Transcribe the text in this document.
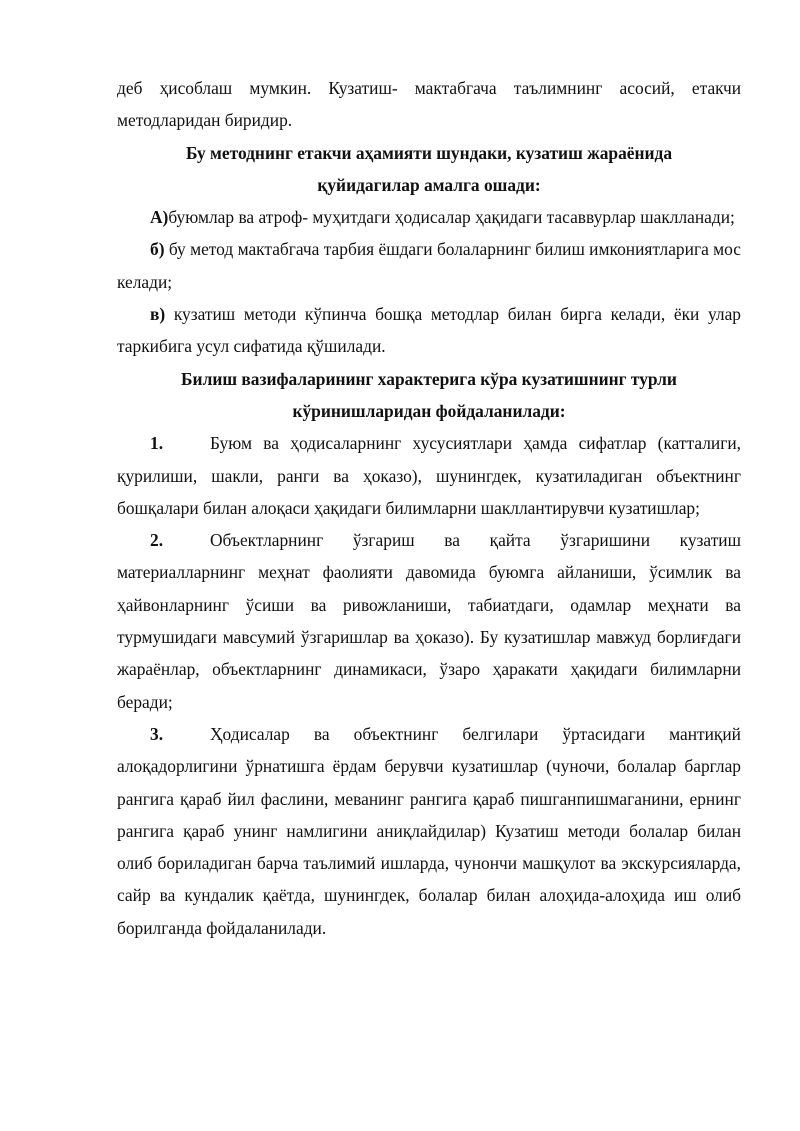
деб ҳисоблаш мумкин. Кузатиш- мактабгача таълимнинг асосий, етакчи методларидан биридир.

Бу методнинг етакчи аҳамияти шундаки, кузатиш жараёнида
қуйидагилар амалга ошади:

А)буюмлар ва атроф- муҳитдаги ҳодисалар ҳақидаги тасаввурлар шаклланади;

б) бу метод мактабгача тарбия ёшдаги болаларнинг билиш имкониятларига мос келади;

в) кузатиш методи кўпинча бошқа методлар билан бирга келади, ёки улар таркибига усул сифатида қўшилади.

Билиш вазифаларининг характерига кўра кузатишнинг турли
кўринишларидан фойдаланилади:

1.	Буюм ва ҳодисаларнинг хусусиятлари ҳамда сифатлар (катталиги, қурилиши, шакли, ранги ва ҳоказо), шунингдек, кузатиладиган объектнинг бошқалари билан алоқаси ҳақидаги билимларни шакллантирувчи кузатишлар;

2.	Объектларнинг ўзгариш ва қайта ўзгаришини кузатиш материалларнинг меҳнат фаолияти давомида буюмга айланиши, ўсимлик ва ҳайвонларнинг ўсиши ва ривожланиши, табиатдаги, одамлар меҳнати ва турмушидаги мавсумий ўзгаришлар ва ҳоказо). Бу кузатишлар мавжуд борлиғдаги жараёнлар, объектларнинг динамикаси, ўзаро ҳаракати ҳақидаги билимларни беради;

3.	Ҳодисалар ва объектнинг белгилари ўртасидаги мантиқий алоқадорлигини ўрнатишга ёрдам берувчи кузатишлар (чуночи, болалар барглар рангига қараб йил фаслини, меванинг рангига қараб пишганпишмаганини, ернинг рангига қараб унинг намлигини аниқлайдилар) Кузатиш методи болалар билан олиб бориладиган барча таълимий ишларда, чунончи машқулот ва экскурсияларда, сайр ва кундалик қаётда, шунингдек, болалар билан алоҳида-алоҳида иш олиб борилганда фойдаланилади.
